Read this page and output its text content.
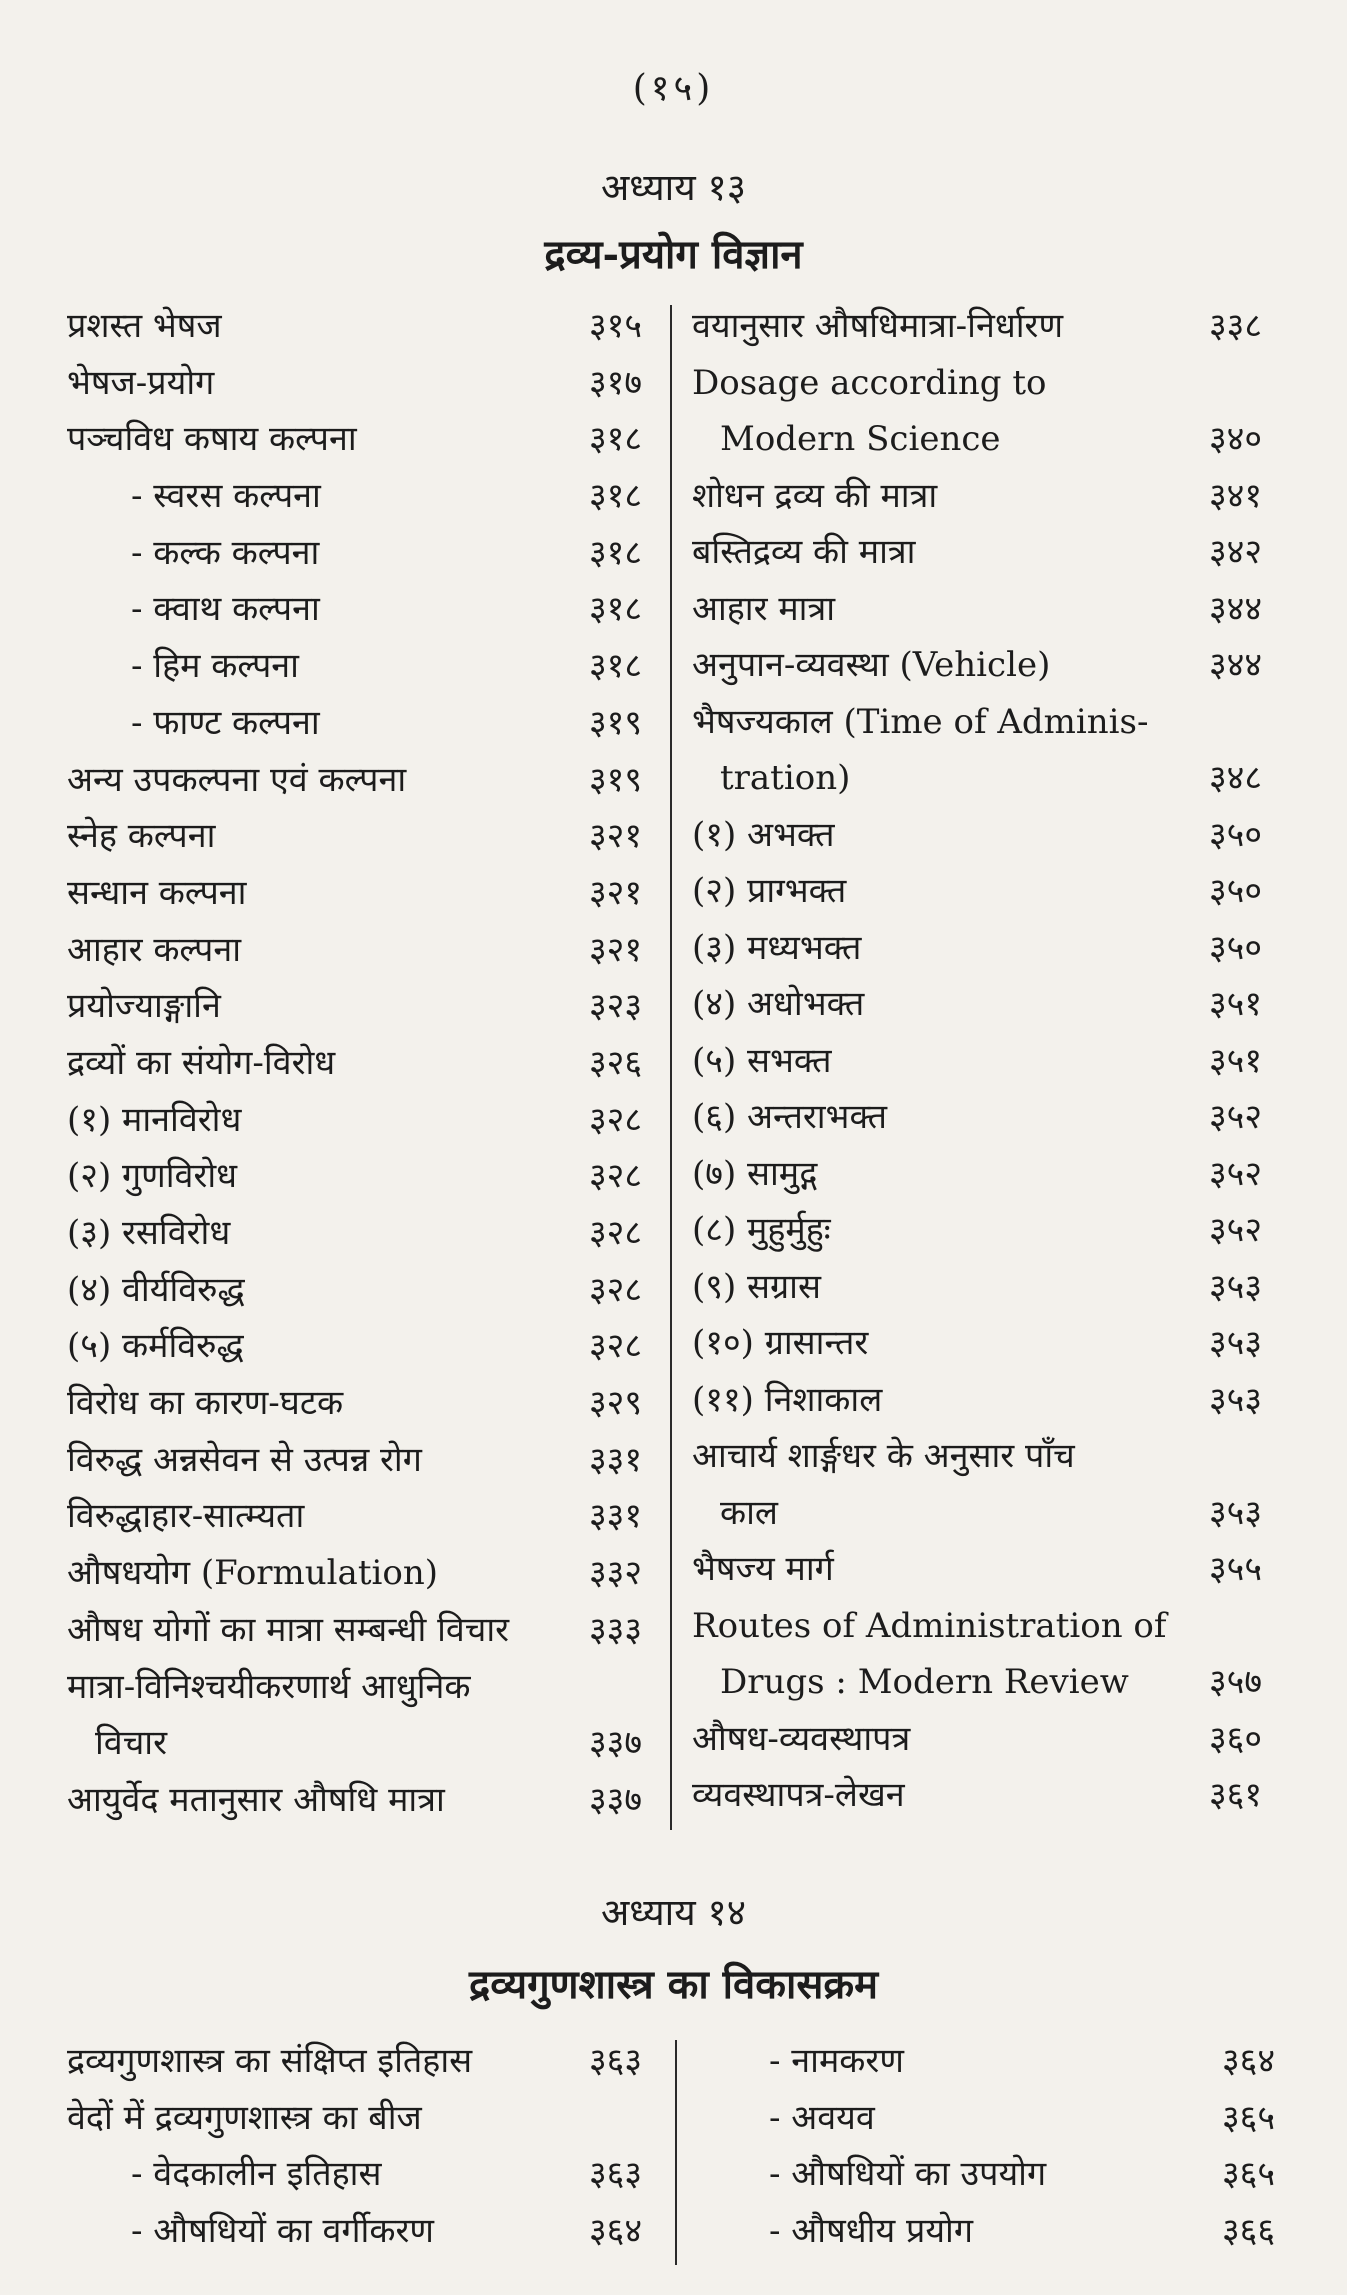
(१५)
अध्याय १३
द्रव्य-प्रयोग विज्ञान
प्रशस्त भेषज	३१५
भेषज-प्रयोग	३१७
पञ्चविध कषाय कल्पना	३१८
- स्वरस कल्पना	३१८
- कल्क कल्पना	३१८
- क्वाथ कल्पना	३१८
- हिम कल्पना	३१८
- फाण्ट कल्पना	३१९
अन्य उपकल्पना एवं कल्पना	३१९
स्नेह कल्पना	३२१
सन्धान कल्पना	३२१
आहार कल्पना	३२१
प्रयोज्याङ्गानि	३२३
द्रव्यों का संयोग-विरोध	३२६
(१) मानविरोध	३२८
(२) गुणविरोध	३२८
(३) रसविरोध	३२८
(४) वीर्यविरुद्ध	३२८
(५) कर्मविरुद्ध	३२८
विरोध का कारण-घटक	३२९
विरुद्ध अन्नसेवन से उत्पन्न रोग	३३१
विरुद्धाहार-सात्म्यता	३३१
औषधयोग (Formulation)	३३२
औषध योगों का मात्रा सम्बन्धी विचार ३३३
मात्रा-विनिश्चयीकरणार्थ आधुनिक
विचार	३३७
आयुर्वेद मतानुसार औषधि मात्रा	३३७
वयानुसार औषधिमात्रा-निर्धारण	३३८
Dosage according to
Modern Science	३४०
शोधन द्रव्य की मात्रा	३४१
बस्तिद्रव्य की मात्रा	३४२
आहार मात्रा	३४४
अनुपान-व्यवस्था (Vehicle)	३४४
भैषज्यकाल (Time of Adminis-
tration)	३४८
(१) अभक्त	३५०
(२) प्राग्भक्त	३५०
(३) मध्यभक्त	३५०
(४) अधोभक्त	३५१
(५) सभक्त	३५१
(६) अन्तराभक्त	३५२
(७) सामुद्ग	३५२
(८) मुहुर्मुहुः	३५२
(९) सग्रास	३५३
(१०) ग्रासान्तर	३५३
(११) निशाकाल	३५३
आचार्य शार्ङ्गधर के अनुसार पाँच
काल	३५३
भैषज्य मार्ग	३५५
Routes of Administration of
Drugs : Modern Review ३५७
औषध-व्यवस्थापत्र	३६०
व्यवस्थापत्र-लेखन	३६१
अध्याय १४
द्रव्यगुणशास्त्र का विकासक्रम
द्रव्यगुणशास्त्र का संक्षिप्त इतिहास	३६३
वेदों में द्रव्यगुणशास्त्र का बीज
- वेदकालीन इतिहास	३६३
- औषधियों का वर्गीकरण	३६४
- नामकरण	३६४
- अवयव	३६५
- औषधियों का उपयोग	३६५
- औषधीय प्रयोग	३६६
